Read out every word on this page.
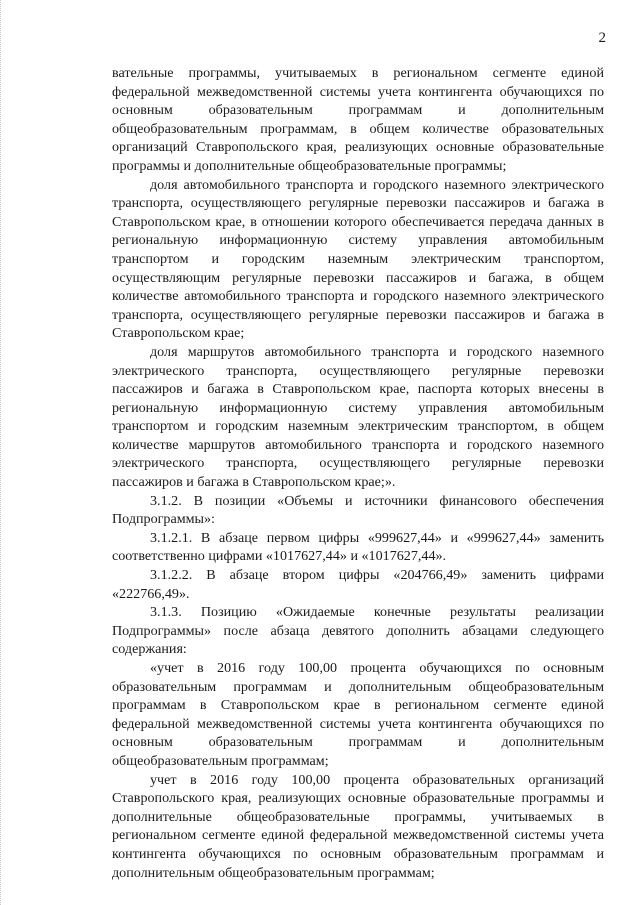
2

вательные программы, учитываемых в региональном сегменте единой федеральной межведомственной системы учета контингента обучающихся по основным образовательным программам и дополнительным общеобразовательным программам, в общем количестве образовательных организаций Ставропольского края, реализующих основные образовательные программы и дополнительные общеобразовательные программы;

доля автомобильного транспорта и городского наземного электрического транспорта, осуществляющего регулярные перевозки пассажиров и багажа в Ставропольском крае, в отношении которого обеспечивается передача данных в региональную информационную систему управления автомобильным транспортом и городским наземным электрическим транспортом, осуществляющим регулярные перевозки пассажиров и багажа, в общем количестве автомобильного транспорта и городского наземного электрического транспорта, осуществляющего регулярные перевозки пассажиров и багажа в Ставропольском крае;

доля маршрутов автомобильного транспорта и городского наземного электрического транспорта, осуществляющего регулярные перевозки пассажиров и багажа в Ставропольском крае, паспорта которых внесены в региональную информационную систему управления автомобильным транспортом и городским наземным электрическим транспортом, в общем количестве маршрутов автомобильного транспорта и городского наземного электрического транспорта, осуществляющего регулярные перевозки пассажиров и багажа в Ставропольском крае;».

3.1.2. В позиции «Объемы и источники финансового обеспечения Подпрограммы»:

3.1.2.1. В абзаце первом цифры «999627,44» и «999627,44» заменить соответственно цифрами «1017627,44» и «1017627,44».

3.1.2.2. В абзаце втором цифры «204766,49» заменить цифрами «222766,49».

3.1.3. Позицию «Ожидаемые конечные результаты реализации Подпрограммы» после абзаца девятого дополнить абзацами следующего содержания:

«учет в 2016 году 100,00 процента обучающихся по основным образовательным программам и дополнительным общеобразовательным программам в Ставропольском крае в региональном сегменте единой федеральной межведомственной системы учета контингента обучающихся по основным образовательным программам и дополнительным общеобразовательным программам;

учет в 2016 году 100,00 процента образовательных организаций Ставропольского края, реализующих основные образовательные программы и дополнительные общеобразовательные программы, учитываемых в региональном сегменте единой федеральной межведомственной системы учета контингента обучающихся по основным образовательным программам и дополнительным общеобразовательным программам;
